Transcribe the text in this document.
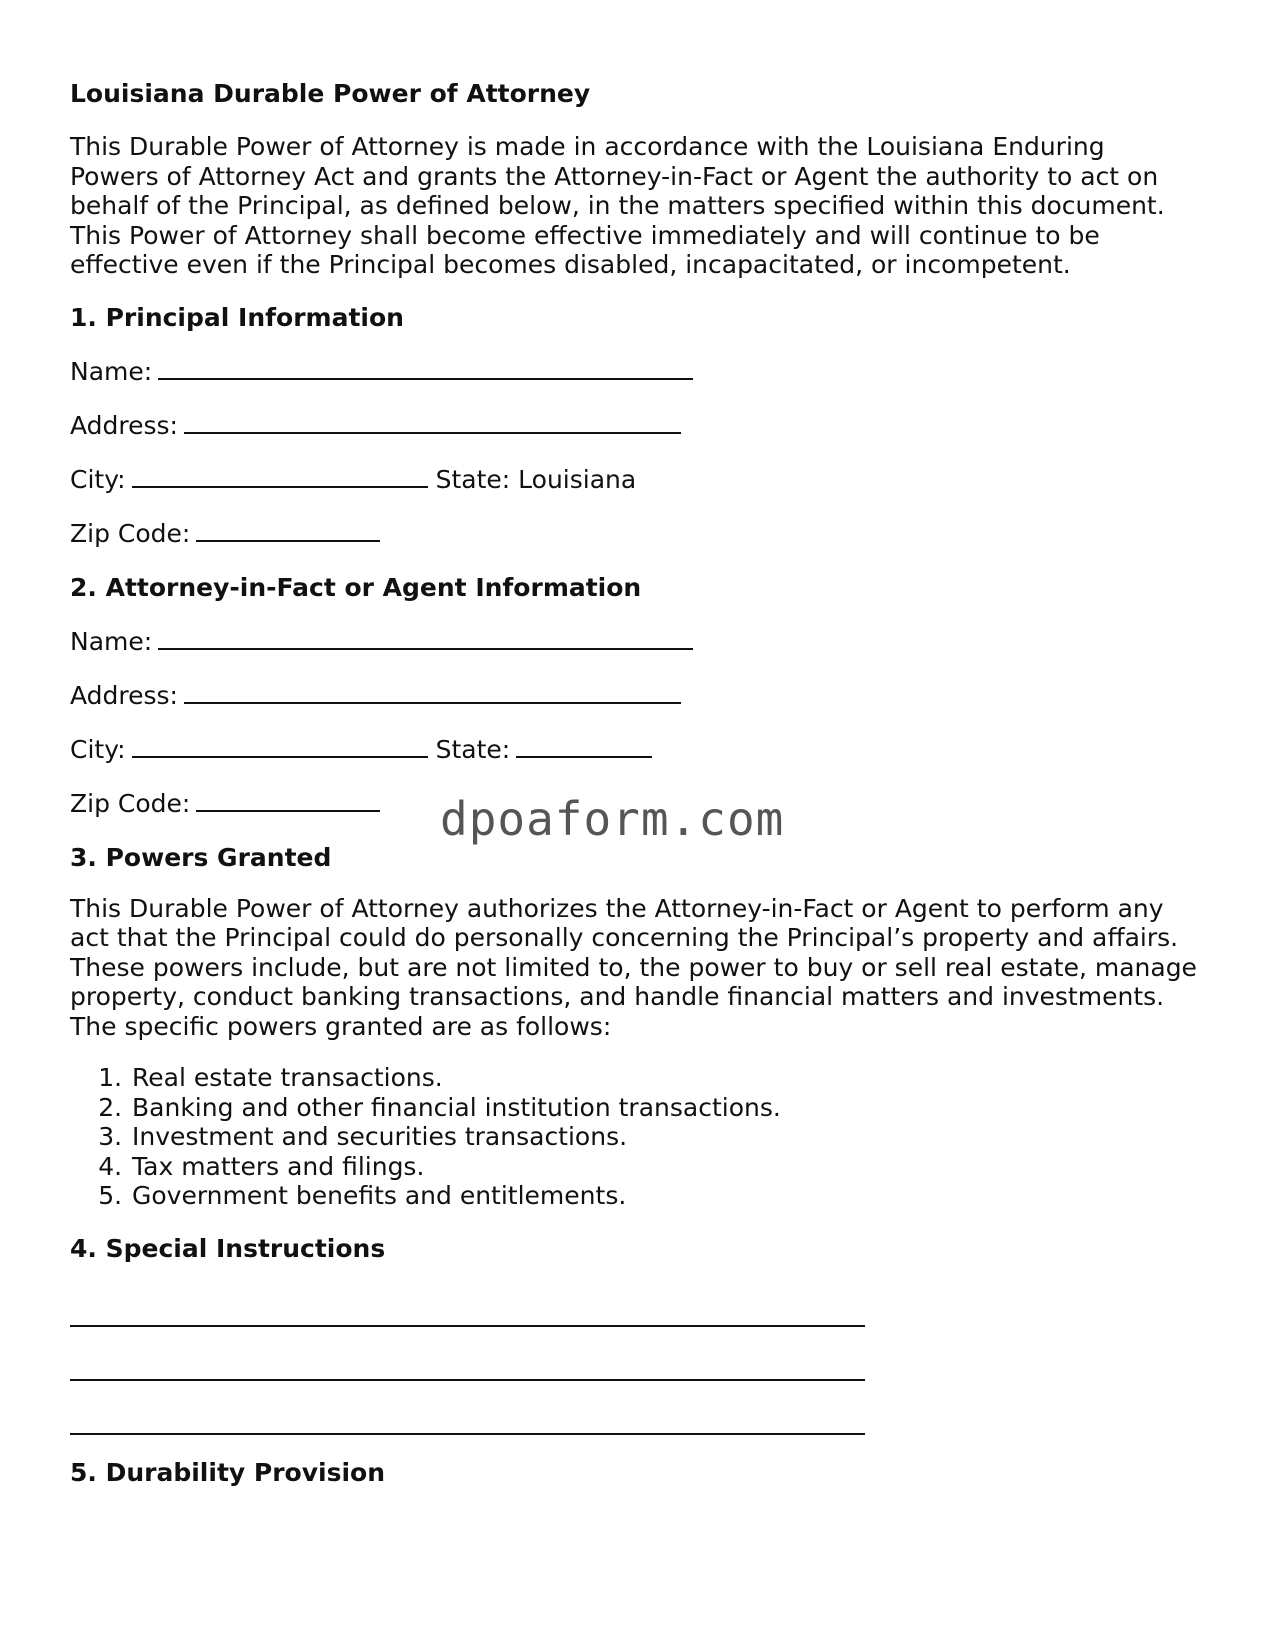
Louisiana Durable Power of Attorney

This Durable Power of Attorney is made in accordance with the Louisiana Enduring Powers of Attorney Act and grants the Attorney-in-Fact or Agent the authority to act on behalf of the Principal, as defined below, in the matters specified within this document. This Power of Attorney shall become effective immediately and will continue to be effective even if the Principal becomes disabled, incapacitated, or incompetent.

1. Principal Information
Name:
Address:
City:	State: Louisiana
Zip Code:
2. Attorney-in-Fact or Agent Information
Name:
Address:
City:	State:
Zip Code:
3. Powers Granted

This Durable Power of Attorney authorizes the Attorney-in-Fact or Agent to perform any act that the Principal could do personally concerning the Principal’s property and affairs. These powers include, but are not limited to, the power to buy or sell real estate, manage property, conduct banking transactions, and handle financial matters and investments. The specific powers granted are as follows:

1. Real estate transactions.
2. Banking and other financial institution transactions.
3. Investment and securities transactions.
4. Tax matters and filings.
5. Government benefits and entitlements.
4. Special Instructions
5. Durability Provision
dpoaform.com
